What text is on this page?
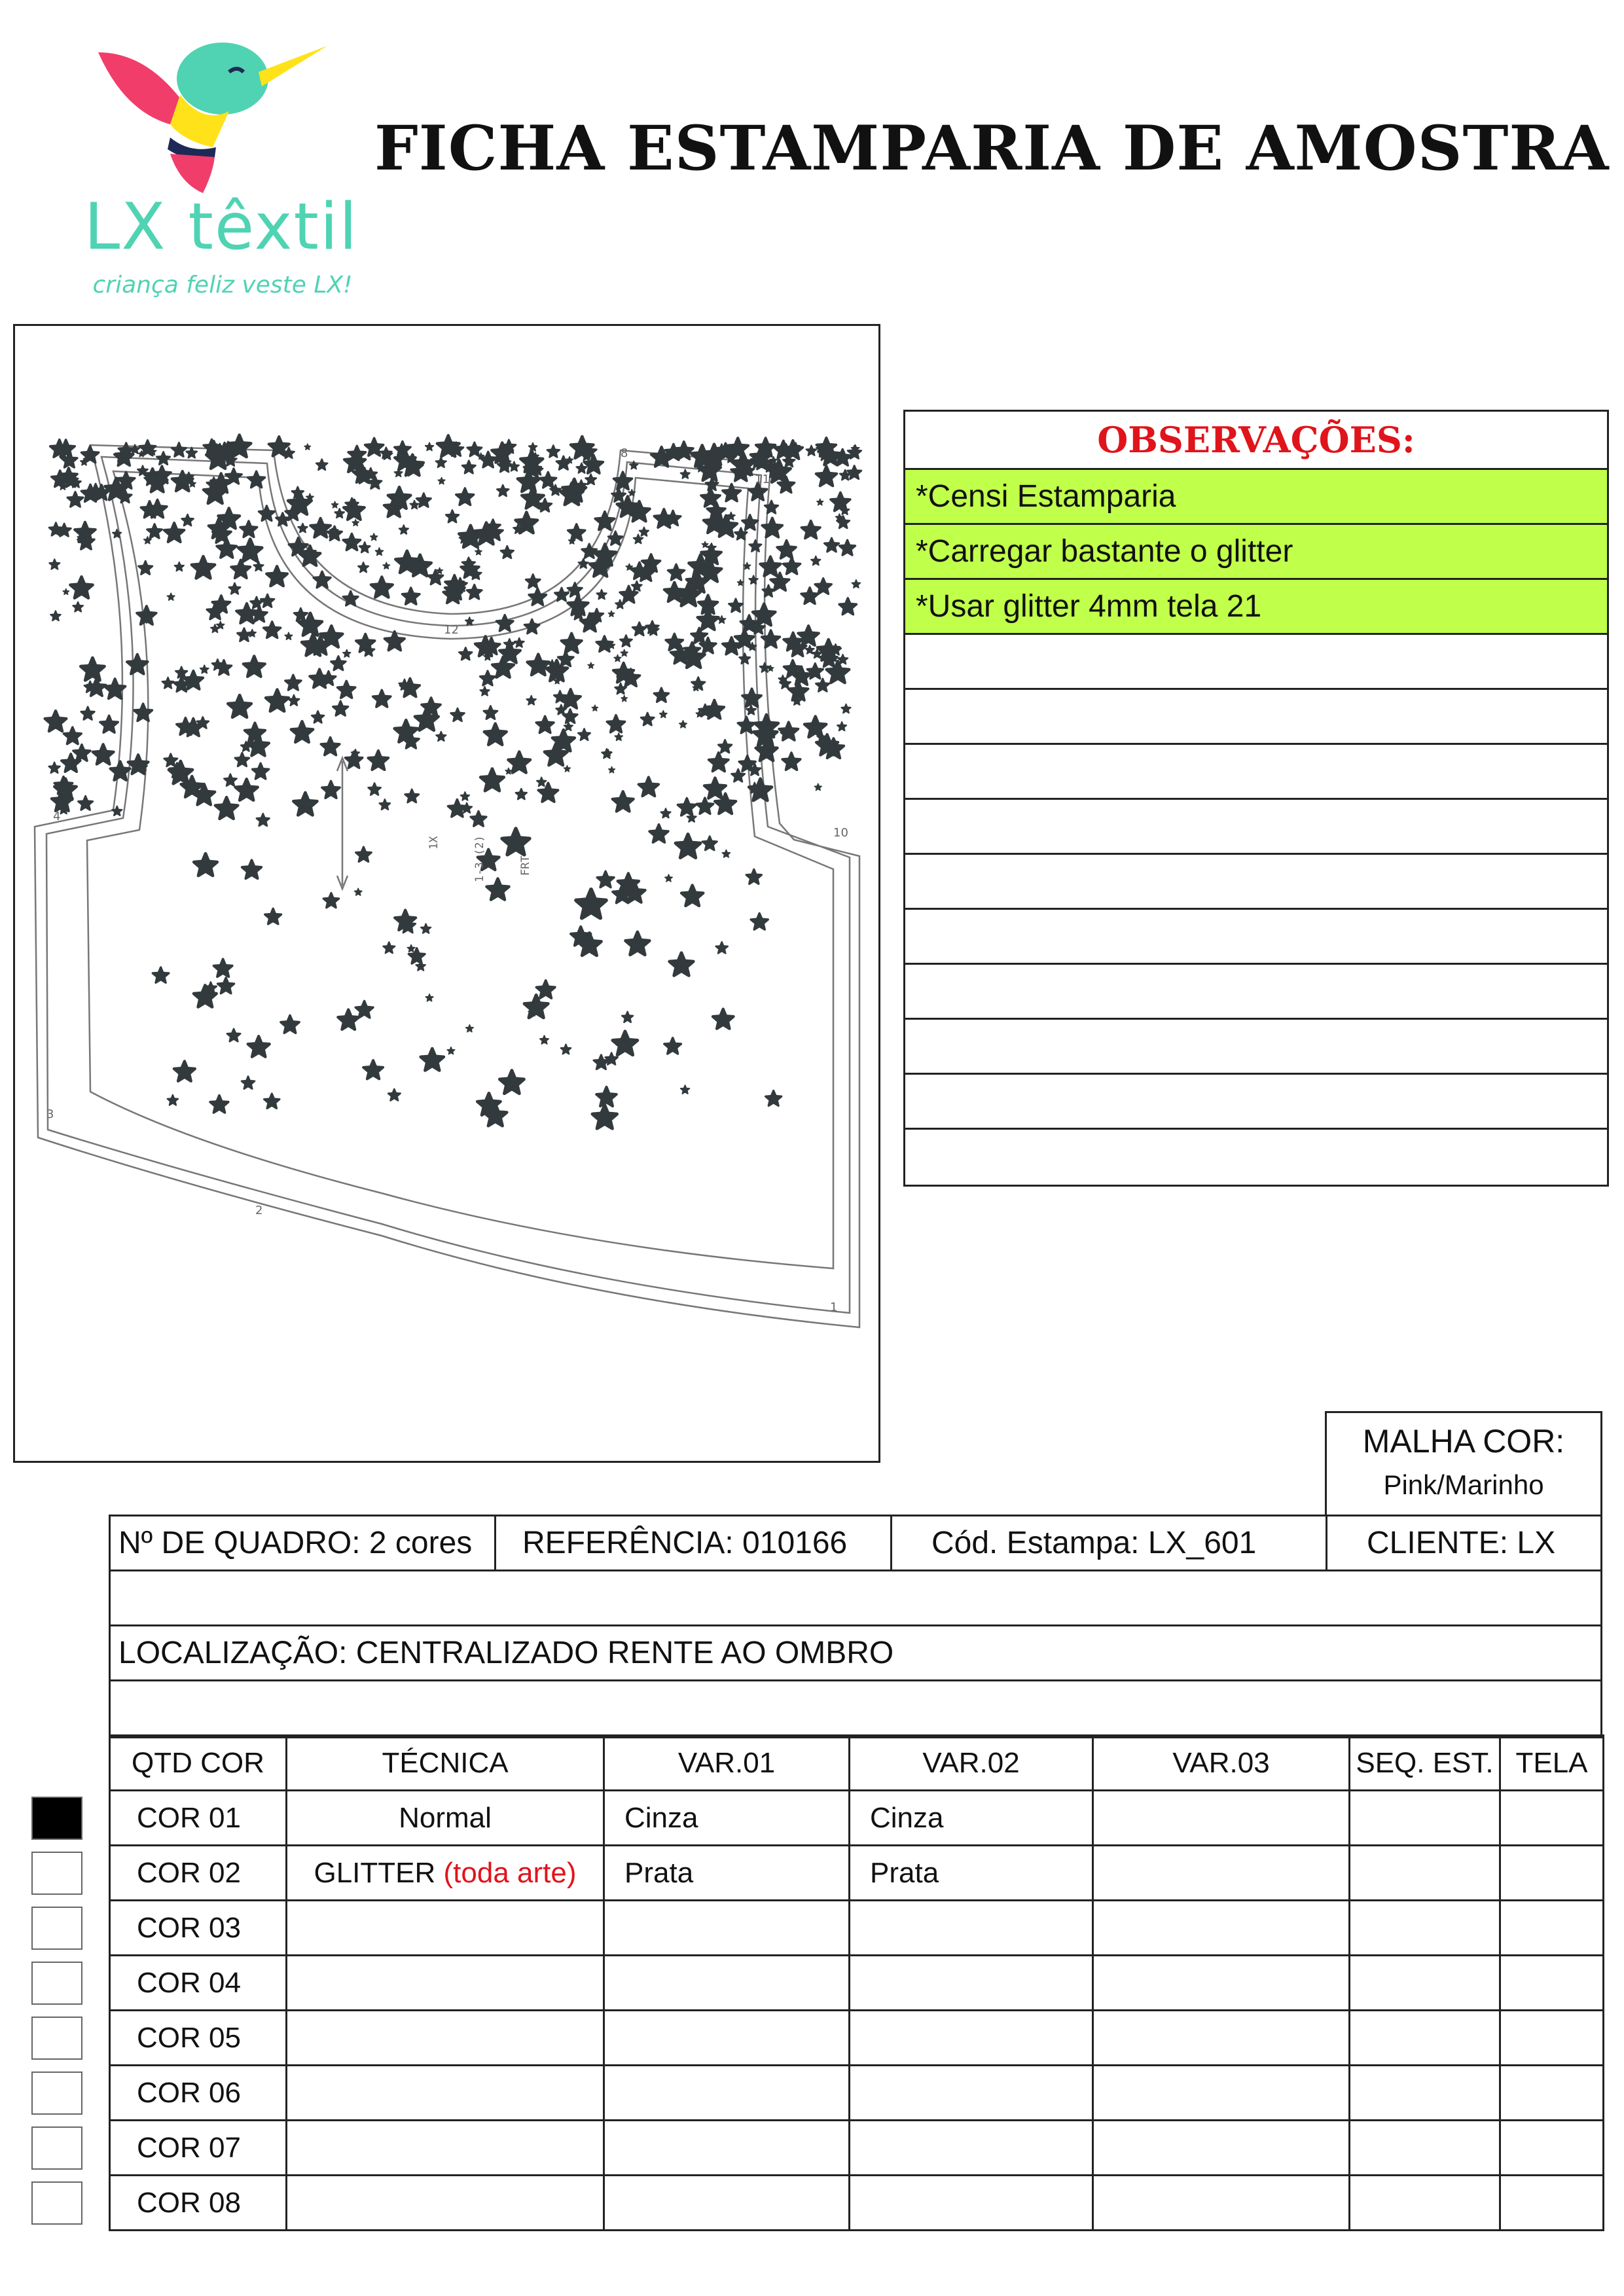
LX têxtil
criança feliz veste LX!
FICHA ESTAMPARIA DE AMOSTRA
1X	1-3 (2)	FRT
1
2
3
4
10
11
12
8	OBSERVAÇÕES:
*Censi Estamparia
*Carregar bastante o glitter
*Usar glitter 4mm tela 21
MALHA COR:
Pink/Marinho
Nº DE QUADRO: 2 cores	REFERÊNCIA: 010166	Cód. Estampa: LX_601	CLIENTE: LX
LOCALIZAÇÃO: CENTRALIZADO RENTE AO OMBRO
QTD COR	TÉCNICA	VAR.01	VAR.02	VAR.03	SEQ. EST.	TELA
COR 01	Normal	Cinza	Cinza			
COR 02	GLITTER (toda arte)	Prata	Prata			
COR 03						
COR 04						
COR 05						
COR 06						
COR 07						
COR 08						
